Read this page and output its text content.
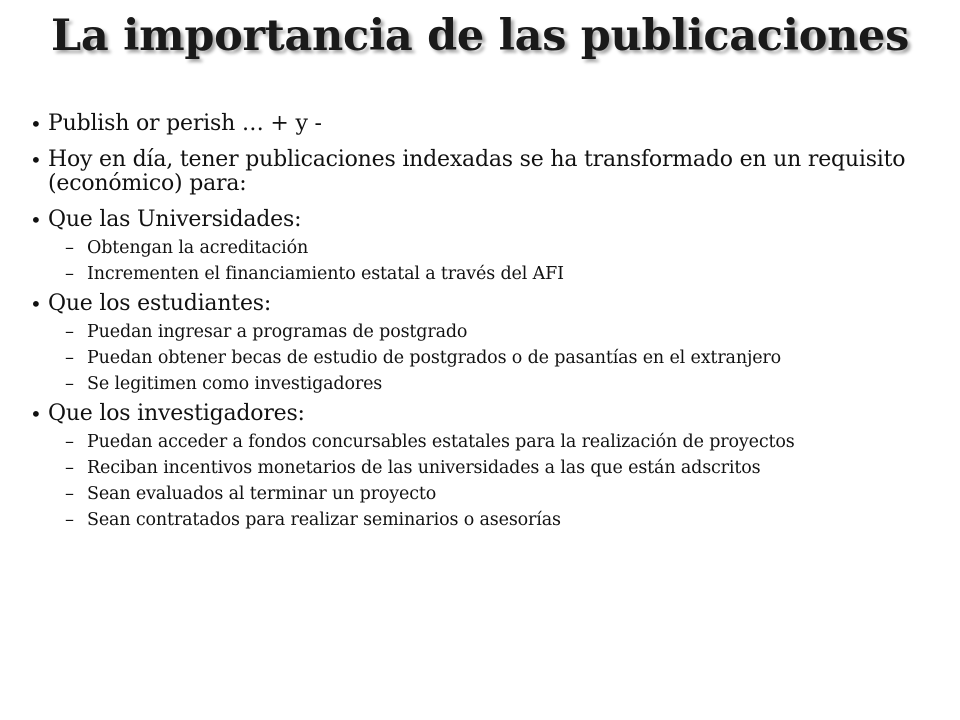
La importancia de las publicaciones
• Publish or perish … + y -
• Hoy en día, tener publicaciones indexadas se ha transformado en un requisito (económico) para:
• Que las Universidades:
– Obtengan la acreditación
– Incrementen el financiamiento estatal a través del AFI
• Que los estudiantes:
– Puedan ingresar a programas de postgrado
– Puedan obtener becas de estudio de postgrados o de pasantías en el extranjero
– Se legitimen como investigadores
• Que los investigadores:
– Puedan acceder a fondos concursables estatales para la realización de proyectos
– Reciban incentivos monetarios de las universidades a las que están adscritos
– Sean evaluados al terminar un proyecto
– Sean contratados para realizar seminarios o asesorías
